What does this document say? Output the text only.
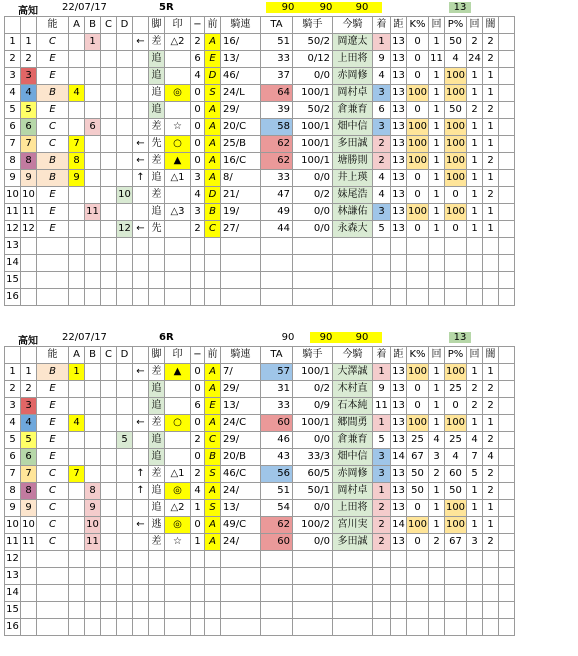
高知 22/07/17	5R	90	90	90	13
		能	A	B	C	D		脚	印	−	前	騎連	TA	騎手	今騎	着	距	K%	回	P%	回	闇	
1	1	C		1			←	差	△2	2	A	16/	51	50/2	岡遼太	1	13	0	1	50	2	2	
2	2	E						追		6	E	13/	33	0/12	上田将	9	13	0	11	4	24	2	
3	3	E						追		4	D	46/	37	0/0	赤岡修	4	13	0	1	100	1	1	
4	4	B	4					追	◎	0	S	24/L	64	100/1	岡村卓	3	13	100	1	100	1	1	
5	5	E						追		0	A	29/	39	50/2	倉兼育	6	13	0	1	50	2	2	
6	6	C		6				差	☆	0	A	20/C	58	100/1	畑中信	3	13	100	1	100	1	1	
7	7	C	7				←	先	○	0	A	25/B	62	100/1	多田誠	2	13	100	1	100	1	1	
8	8	B	8				←	差	▲	0	A	16/C	62	100/1	塘勝則	2	13	100	1	100	1	2	
9	9	B	9				↑	追	△1	3	A	8/	33	0/0	井上瑛	4	13	0	1	100	1	1	
10	10	E				10		差		4	D	21/	47	0/2	妹尾浩	4	13	0	1	0	1	2	
11	11	E		11				追	△3	3	B	19/	49	0/0	林謙佑	3	13	100	1	100	1	1	
12	12	E				12	←	先		2	C	27/	44	0/0	永森大	5	13	0	1	0	1	1	
13																							
14																							
15																							
16																							
高知 22/07/17	6R	90	90	90	13
		能	A	B	C	D		脚	印	−	前	騎連	TA	騎手	今騎	着	距	K%	回	P%	回	闇	
1	1	B	1				←	差	▲	0	A	7/	57	100/1	大澤誠	1	13	100	1	100	1	1	
2	2	E						追		0	A	29/	31	0/2	木村直	9	13	0	1	25	2	2	
3	3	E						追		6	E	13/	33	0/9	石本純	11	13	0	1	0	2	2	
4	4	E	4				←	差	○	0	A	24/C	60	100/1	郷間勇	1	13	100	1	100	1	1	
5	5	E				5		追		2	C	29/	46	0/0	倉兼育	5	13	25	4	25	4	2	
6	6	E						追		0	B	20/B	43	33/3	畑中信	3	14	67	3	4	7	4	
7	7	C	7				↑	差	△1	2	S	46/C	56	60/5	赤岡修	3	13	50	2	60	5	2	
8	8	C		8			↑	追	◎	4	A	24/	51	50/1	岡村卓	1	13	50	1	50	1	2	
9	9	C		9				追	△2	1	S	13/	54	0/0	上田将	2	13	0	1	100	1	1	
10	10	C		10			←	逃	◎	0	A	49/C	62	100/2	宮川実	2	14	100	1	100	1	1	
11	11	C		11				差	☆	1	A	24/	60	0/0	多田誠	2	13	0	2	67	3	2	
12																							
13																							
14																							
15																							
16																							
